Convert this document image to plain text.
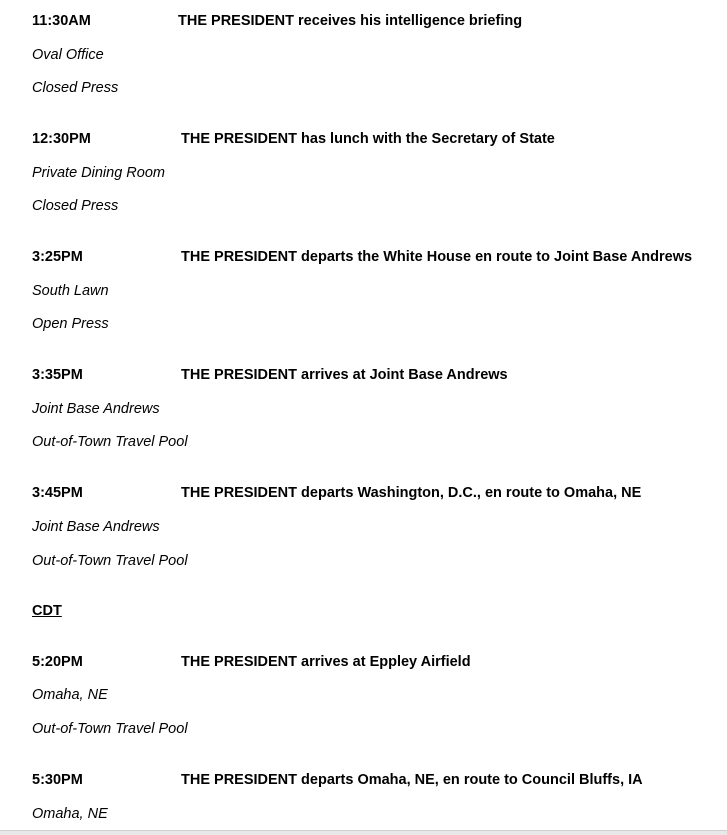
11:30AM	THE PRESIDENT receives his intelligence briefing
Oval Office
Closed Press
12:30PM	THE PRESIDENT has lunch with the Secretary of State
Private Dining Room
Closed Press
3:25PM	THE PRESIDENT departs the White House en route to Joint Base Andrews
South Lawn
Open Press
3:35PM	THE PRESIDENT arrives at Joint Base Andrews
Joint Base Andrews
Out-of-Town Travel Pool
3:45PM	THE PRESIDENT departs Washington, D.C., en route to Omaha, NE
Joint Base Andrews
Out-of-Town Travel Pool
CDT
5:20PM	THE PRESIDENT arrives at Eppley Airfield
Omaha, NE
Out-of-Town Travel Pool
5:30PM	THE PRESIDENT departs Omaha, NE, en route to Council Bluffs, IA
Omaha, NE
